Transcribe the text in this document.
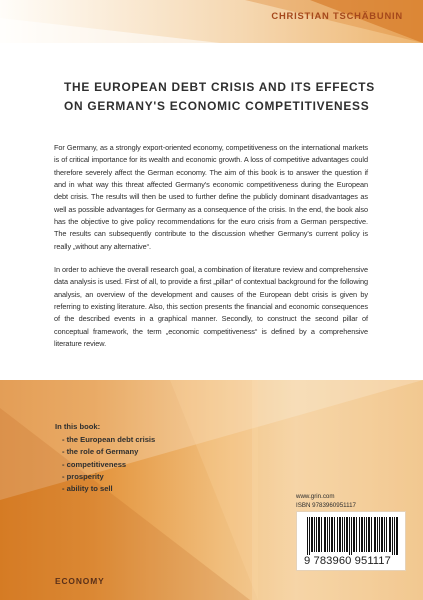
CHRISTIAN TSCHÄBUNIN
THE EUROPEAN DEBT CRISIS AND ITS EFFECTS
ON GERMANY'S ECONOMIC COMPETITIVENESS

For Germany, as a strongly export-oriented economy, competitiveness on the international markets is of critical importance for its wealth and economic growth. A loss of competitive advantages could therefore severely affect the German economy. The aim of this book is to answer the question if and in what way this threat affected Germany's economic competitiveness during the European debt crisis. The results will then be used to further define the publicly dominant disadvantages as well as possible advantages for Germany as a consequence of the crisis. In the end, the book also has the objective to give policy recommendations for the euro crisis from a German perspective. The results can subsequently contribute to the discussion whether Germany's current policy is really „without any alternative“.

In order to achieve the overall research goal, a combination of literature review and comprehensive data analysis is used. First of all, to provide a first „pillar“ of contextual background for the following analysis, an overview of the development and causes of the European debt crisis is given by referring to existing literature. Also, this section presents the financial and economic consequences of the described events in a graphical manner. Secondly, to construct the second pillar of conceptual framework, the term „economic competitiveness“ is defined by a comprehensive literature review.

In this book:

- the European debt crisis
- the role of Germany
- competitiveness
- prosperity
- ability to sell
www.grin.com
ISBN 9783960951117
9 783960 951117
ECONOMY
